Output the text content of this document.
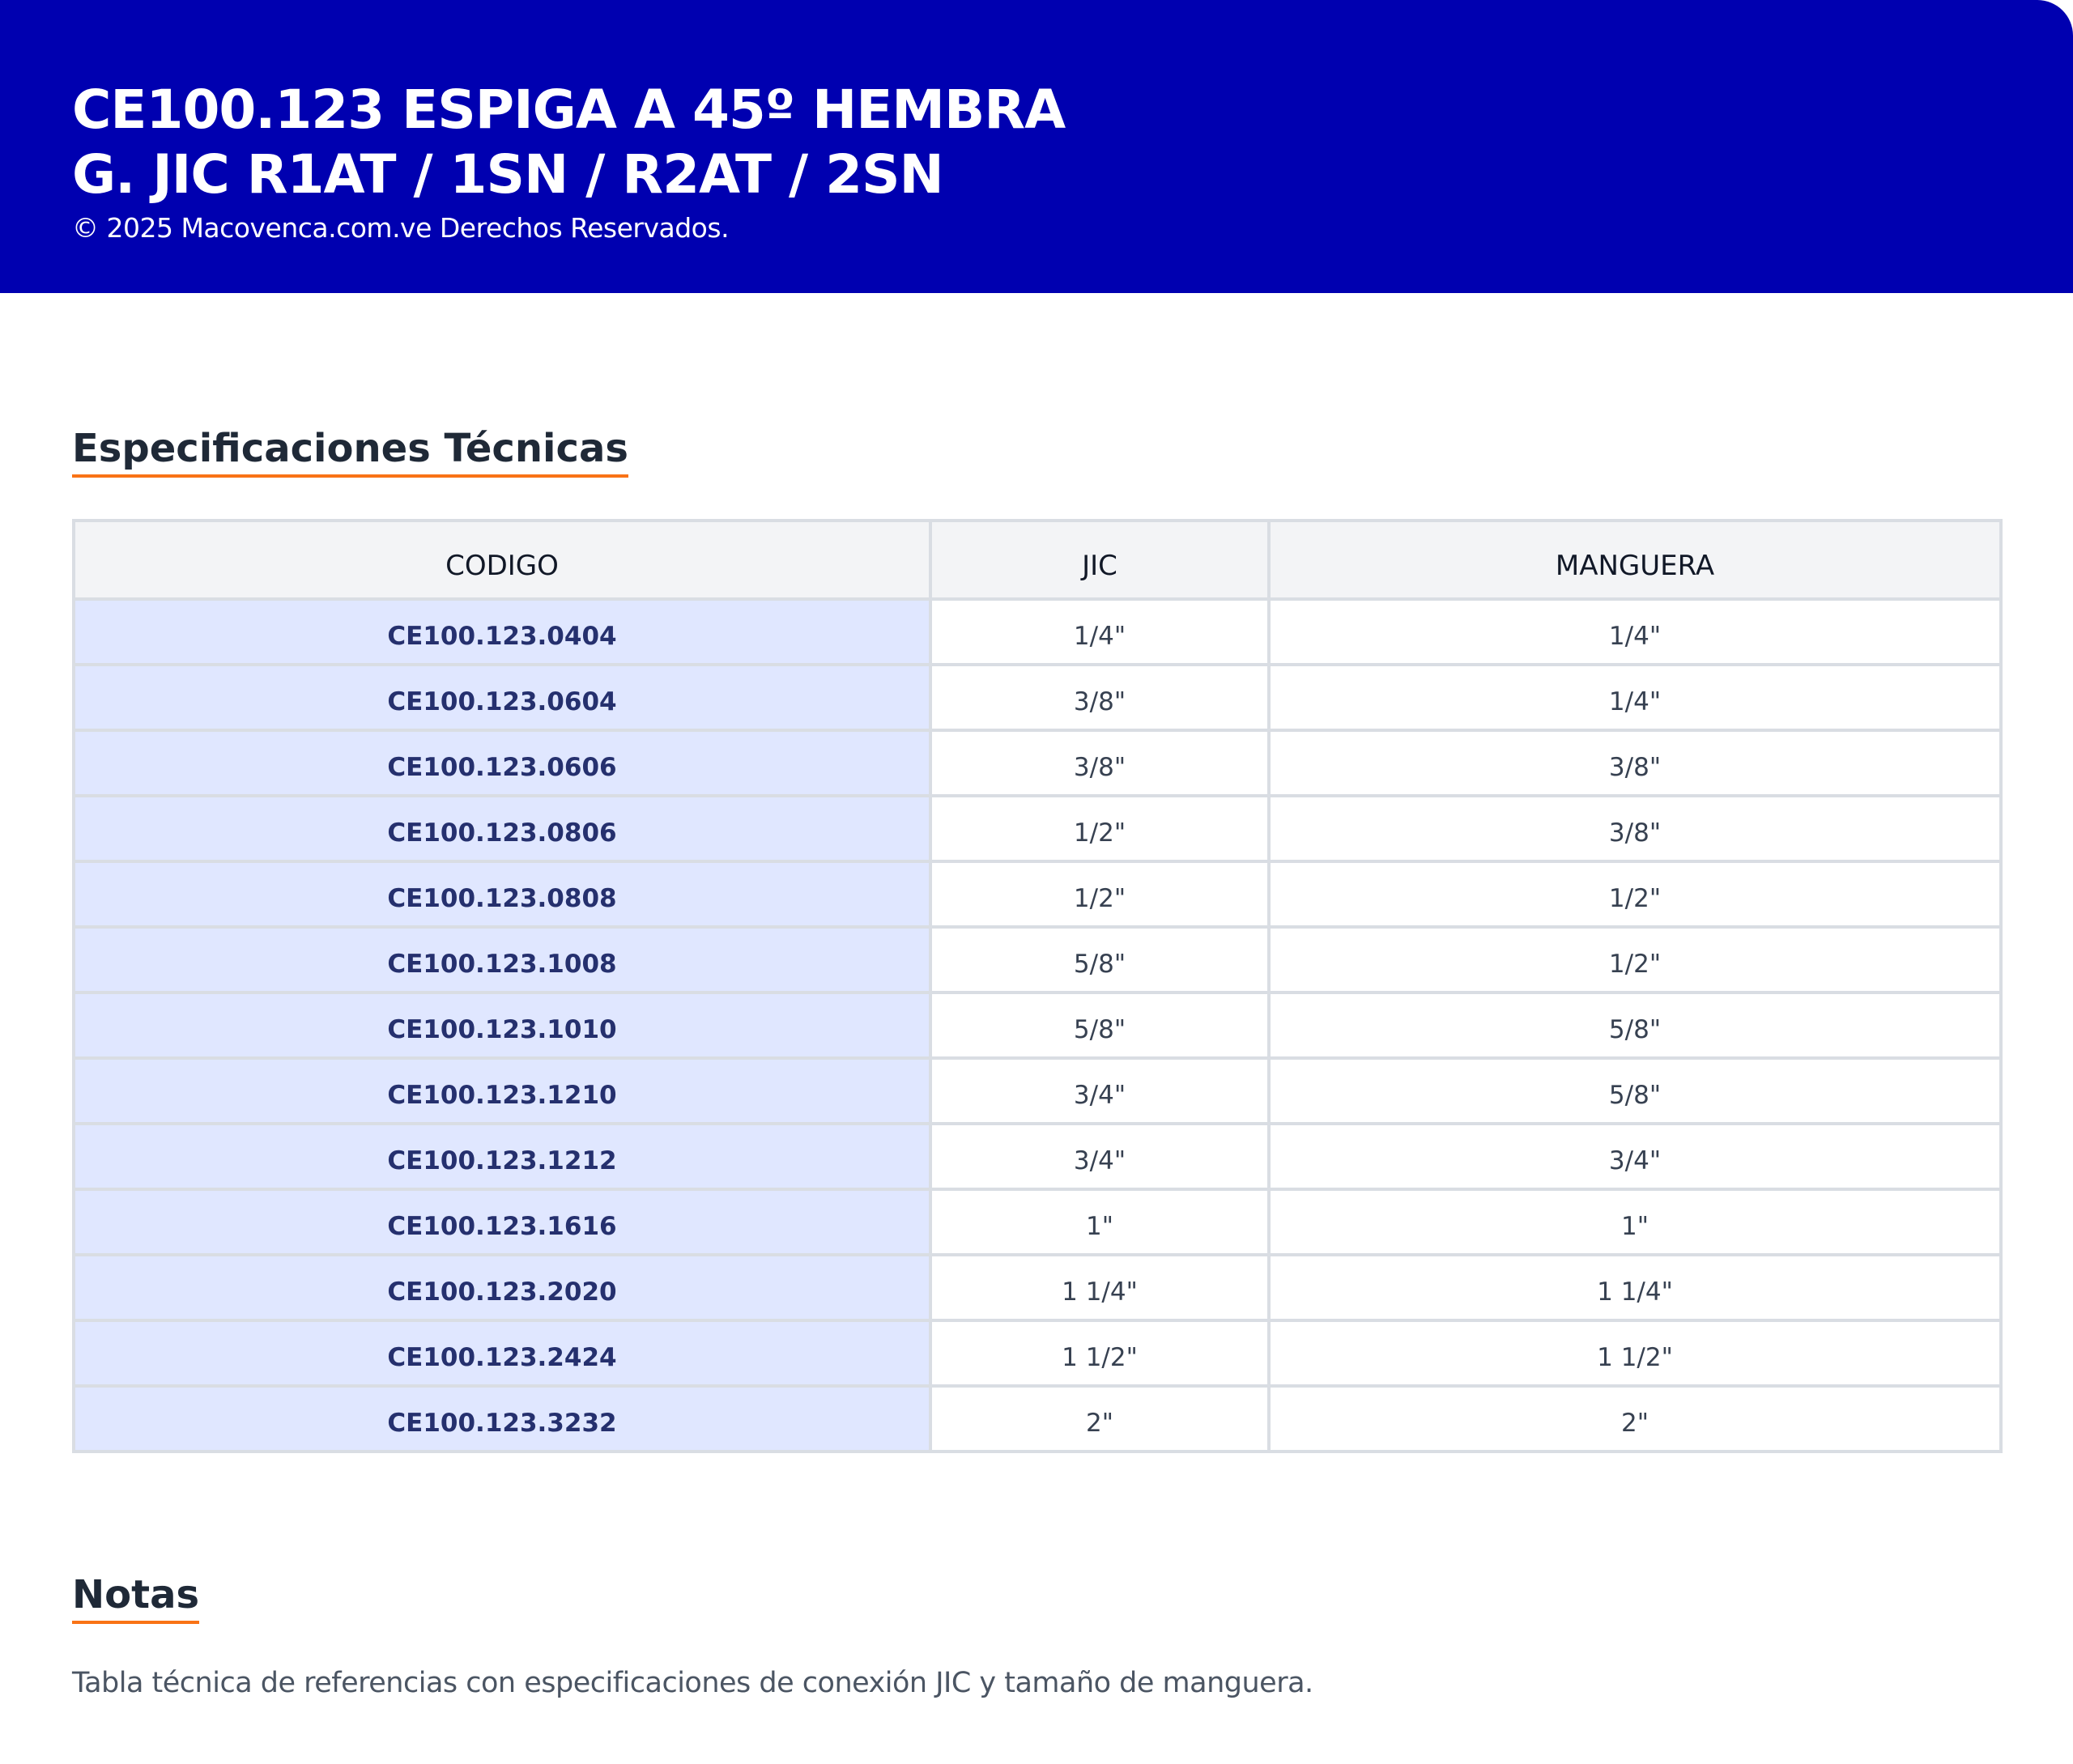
CE100.123 ESPIGA A 45º HEMBRA
G. JIC R1AT / 1SN / R2AT / 2SN
© 2025 Macovenca.com.ve Derechos Reservados.
Especificaciones Técnicas
CODIGO	JIC	MANGUERA
CE100.123.0404	1/4"	1/4"
CE100.123.0604	3/8"	1/4"
CE100.123.0606	3/8"	3/8"
CE100.123.0806	1/2"	3/8"
CE100.123.0808	1/2"	1/2"
CE100.123.1008	5/8"	1/2"
CE100.123.1010	5/8"	5/8"
CE100.123.1210	3/4"	5/8"
CE100.123.1212	3/4"	3/4"
CE100.123.1616	1"	1"
CE100.123.2020	1 1/4"	1 1/4"
CE100.123.2424	1 1/2"	1 1/2"
CE100.123.3232	2"	2"
Notas

Tabla técnica de referencias con especificaciones de conexión JIC y tamaño de manguera.
